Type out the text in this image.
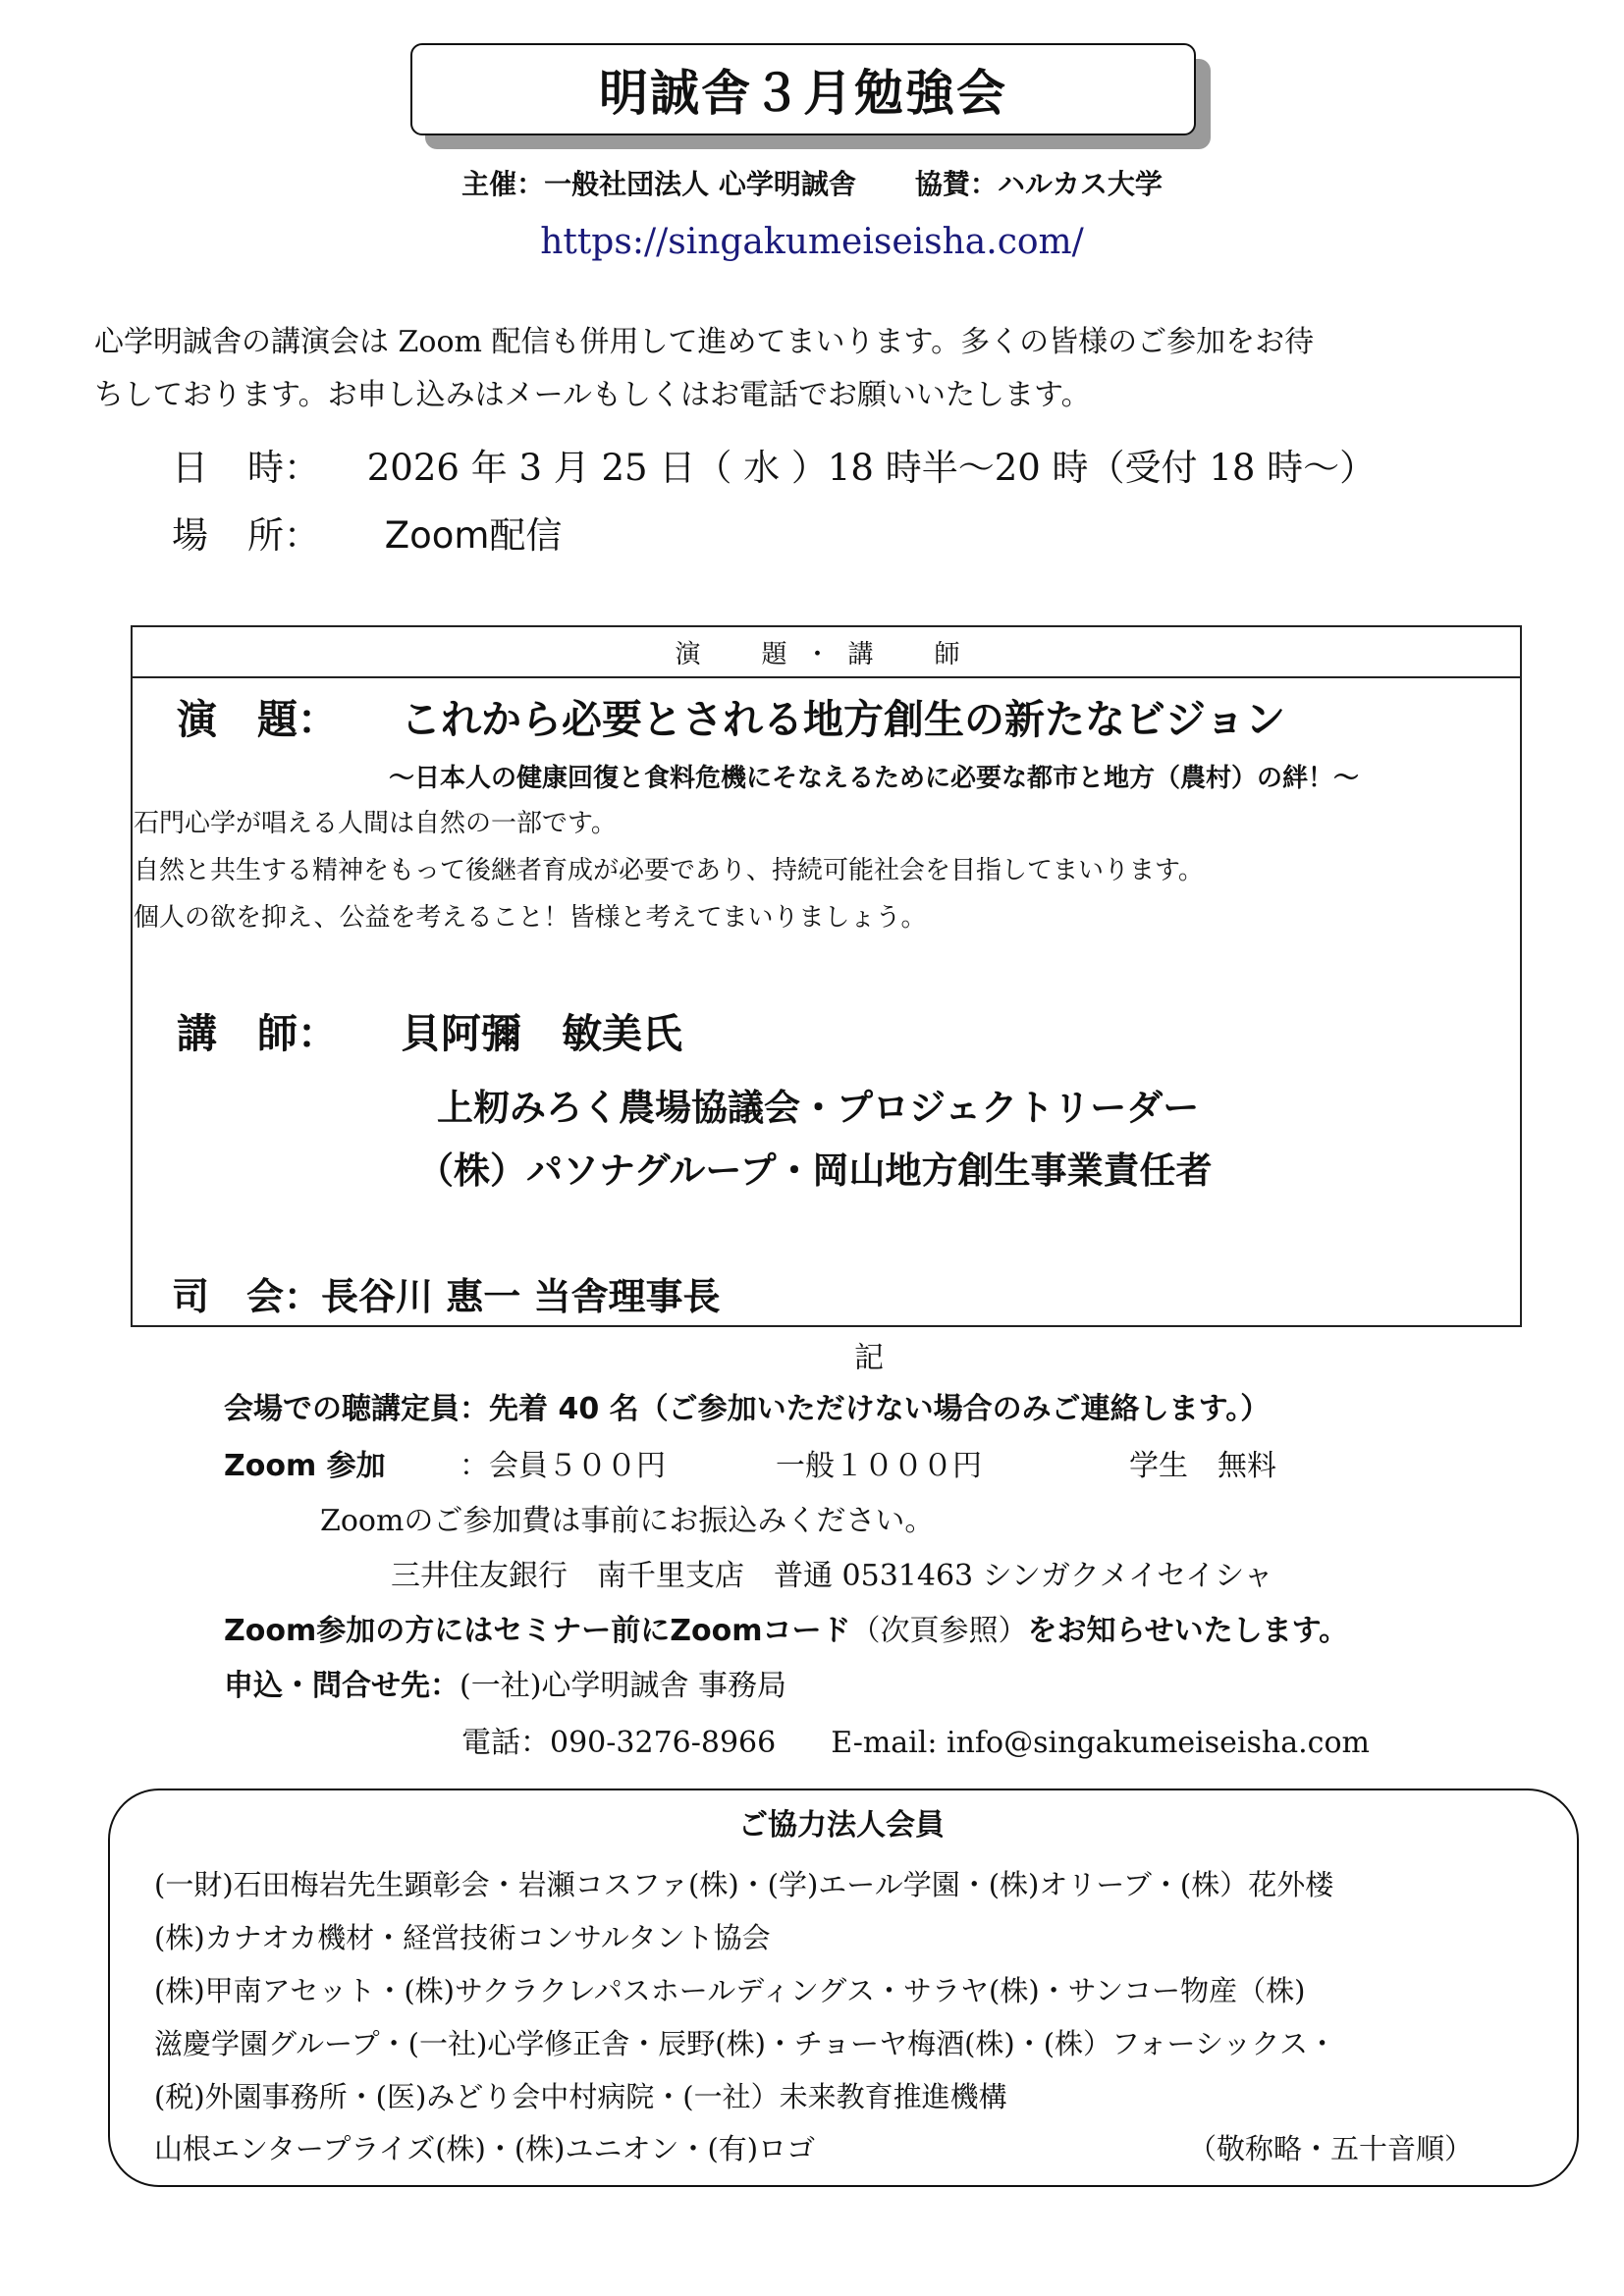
明誠舎３月勉強会
主催：一般社団法人 心学明誠舎 協賛：ハルカス大学
https://singakumeiseisha.com/
心学明誠舎の講演会は Zoom 配信も併用して進めてまいります。多くの皆様のご参加をお待
ちしております。お申し込みはメールもしくはお電話でお願いいたします。
日 時： 2026 年 3 月 25 日（ 水 ）18 時半～20 時（受付 18 時～）
場 所： Zoom配信
演　題・講　師
演　題： これから必要とされる地方創生の新たなビジョン
～日本人の健康回復と食料危機にそなえるために必要な都市と地方（農村）の絆！～
石門心学が唱える人間は自然の一部です。
自然と共生する精神をもって後継者育成が必要であり、持続可能社会を目指してまいります。
個人の欲を抑え、公益を考えること！皆様と考えてまいりましょう。
講　師： 貝阿彌　敏美氏
上籾みろく農場協議会・プロジェクトリーダー
（株）パソナグループ・岡山地方創生事業責任者
司　会：長谷川 惠一 当舎理事長
記
会場での聴講定員：先着 40 名（ご参加いただけない場合のみご連絡します。）
Zoom 参加	：会員５００円	一般１０００円	学生　無料
Zoomのご参加費は事前にお振込みください。
三井住友銀行　南千里支店　普通 0531463 シンガクメイセイシャ
Zoom参加の方にはセミナー前にZoomコード（次頁参照）をお知らせいたします。
申込・問合せ先：(一社)心学明誠舎 事務局
電話：090-3276-8966 E-mail: info@singakumeiseisha.com
ご協力法人会員
(一財)石田梅岩先生顕彰会・岩瀬コスファ(株)・(学)エール学園・(株)オリーブ・(株）花外楼
(株)カナオカ機材・経営技術コンサルタント協会
(株)甲南アセット・(株)サクラクレパスホールディングス・サラヤ(株)・サンコー物産（株)
滋慶学園グループ・(一社)心学修正舎・辰野(株)・チョーヤ梅酒(株)・(株）フォーシックス・
(税)外園事務所・(医)みどり会中村病院・(一社）未来教育推進機構
山根エンタープライズ(株)・(株)ユニオン・(有)ロゴ	（敬称略・五十音順）
